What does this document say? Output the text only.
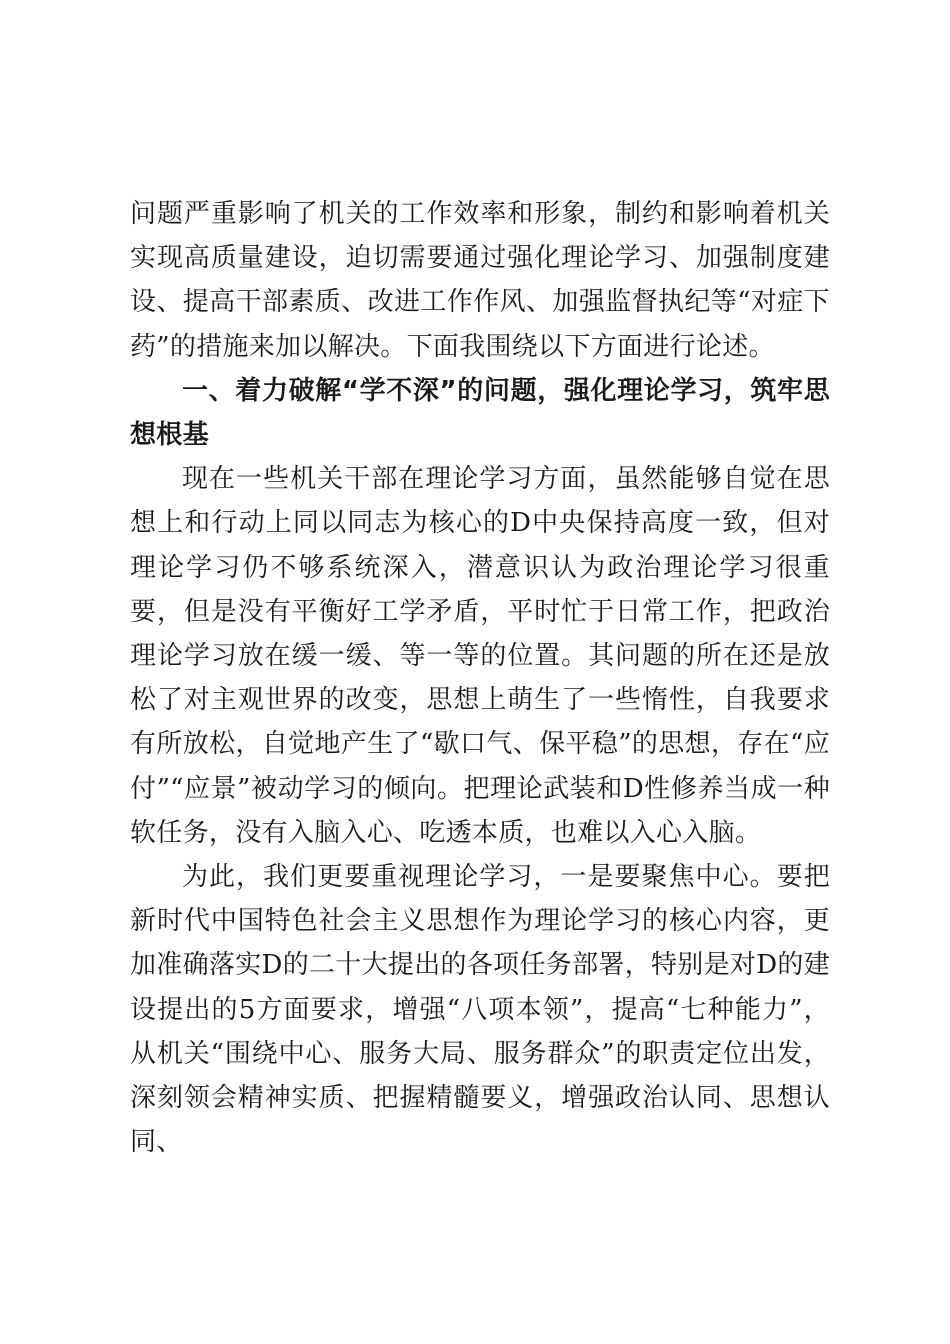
问题严重影响了机关的工作效率和形象，制约和影响着机关实现高质量建设，迫切需要通过强化理论学习、加强制度建设、提高干部素质、改进工作作风、加强监督执纪等“对症下药”的措施来加以解决。下面我围绕以下方面进行论述。

一、着力破解“学不深”的问题，强化理论学习，筑牢思想根基

现在一些机关干部在理论学习方面，虽然能够自觉在思想上和行动上同以同志为核心的D中央保持高度一致，但对理论学习仍不够系统深入，潜意识认为政治理论学习很重要，但是没有平衡好工学矛盾，平时忙于日常工作，把政治理论学习放在缓一缓、等一等的位置。其问题的所在还是放松了对主观世界的改变，思想上萌生了一些惰性，自我要求有所放松，自觉地产生了“歇口气、保平稳”的思想，存在“应付”“应景”被动学习的倾向。把理论武装和D性修养当成一种软任务，没有入脑入心、吃透本质，也难以入心入脑。

为此，我们更要重视理论学习，一是要聚焦中心。要把新时代中国特色社会主义思想作为理论学习的核心内容，更加准确落实D的二十大提出的各项任务部署，特别是对D的建设提出的5方面要求，增强“八项本领”，提高“七种能力”，从机关“围绕中心、服务大局、服务群众”的职责定位出发，深刻领会精神实质、把握精髓要义，增强政治认同、思想认同、
